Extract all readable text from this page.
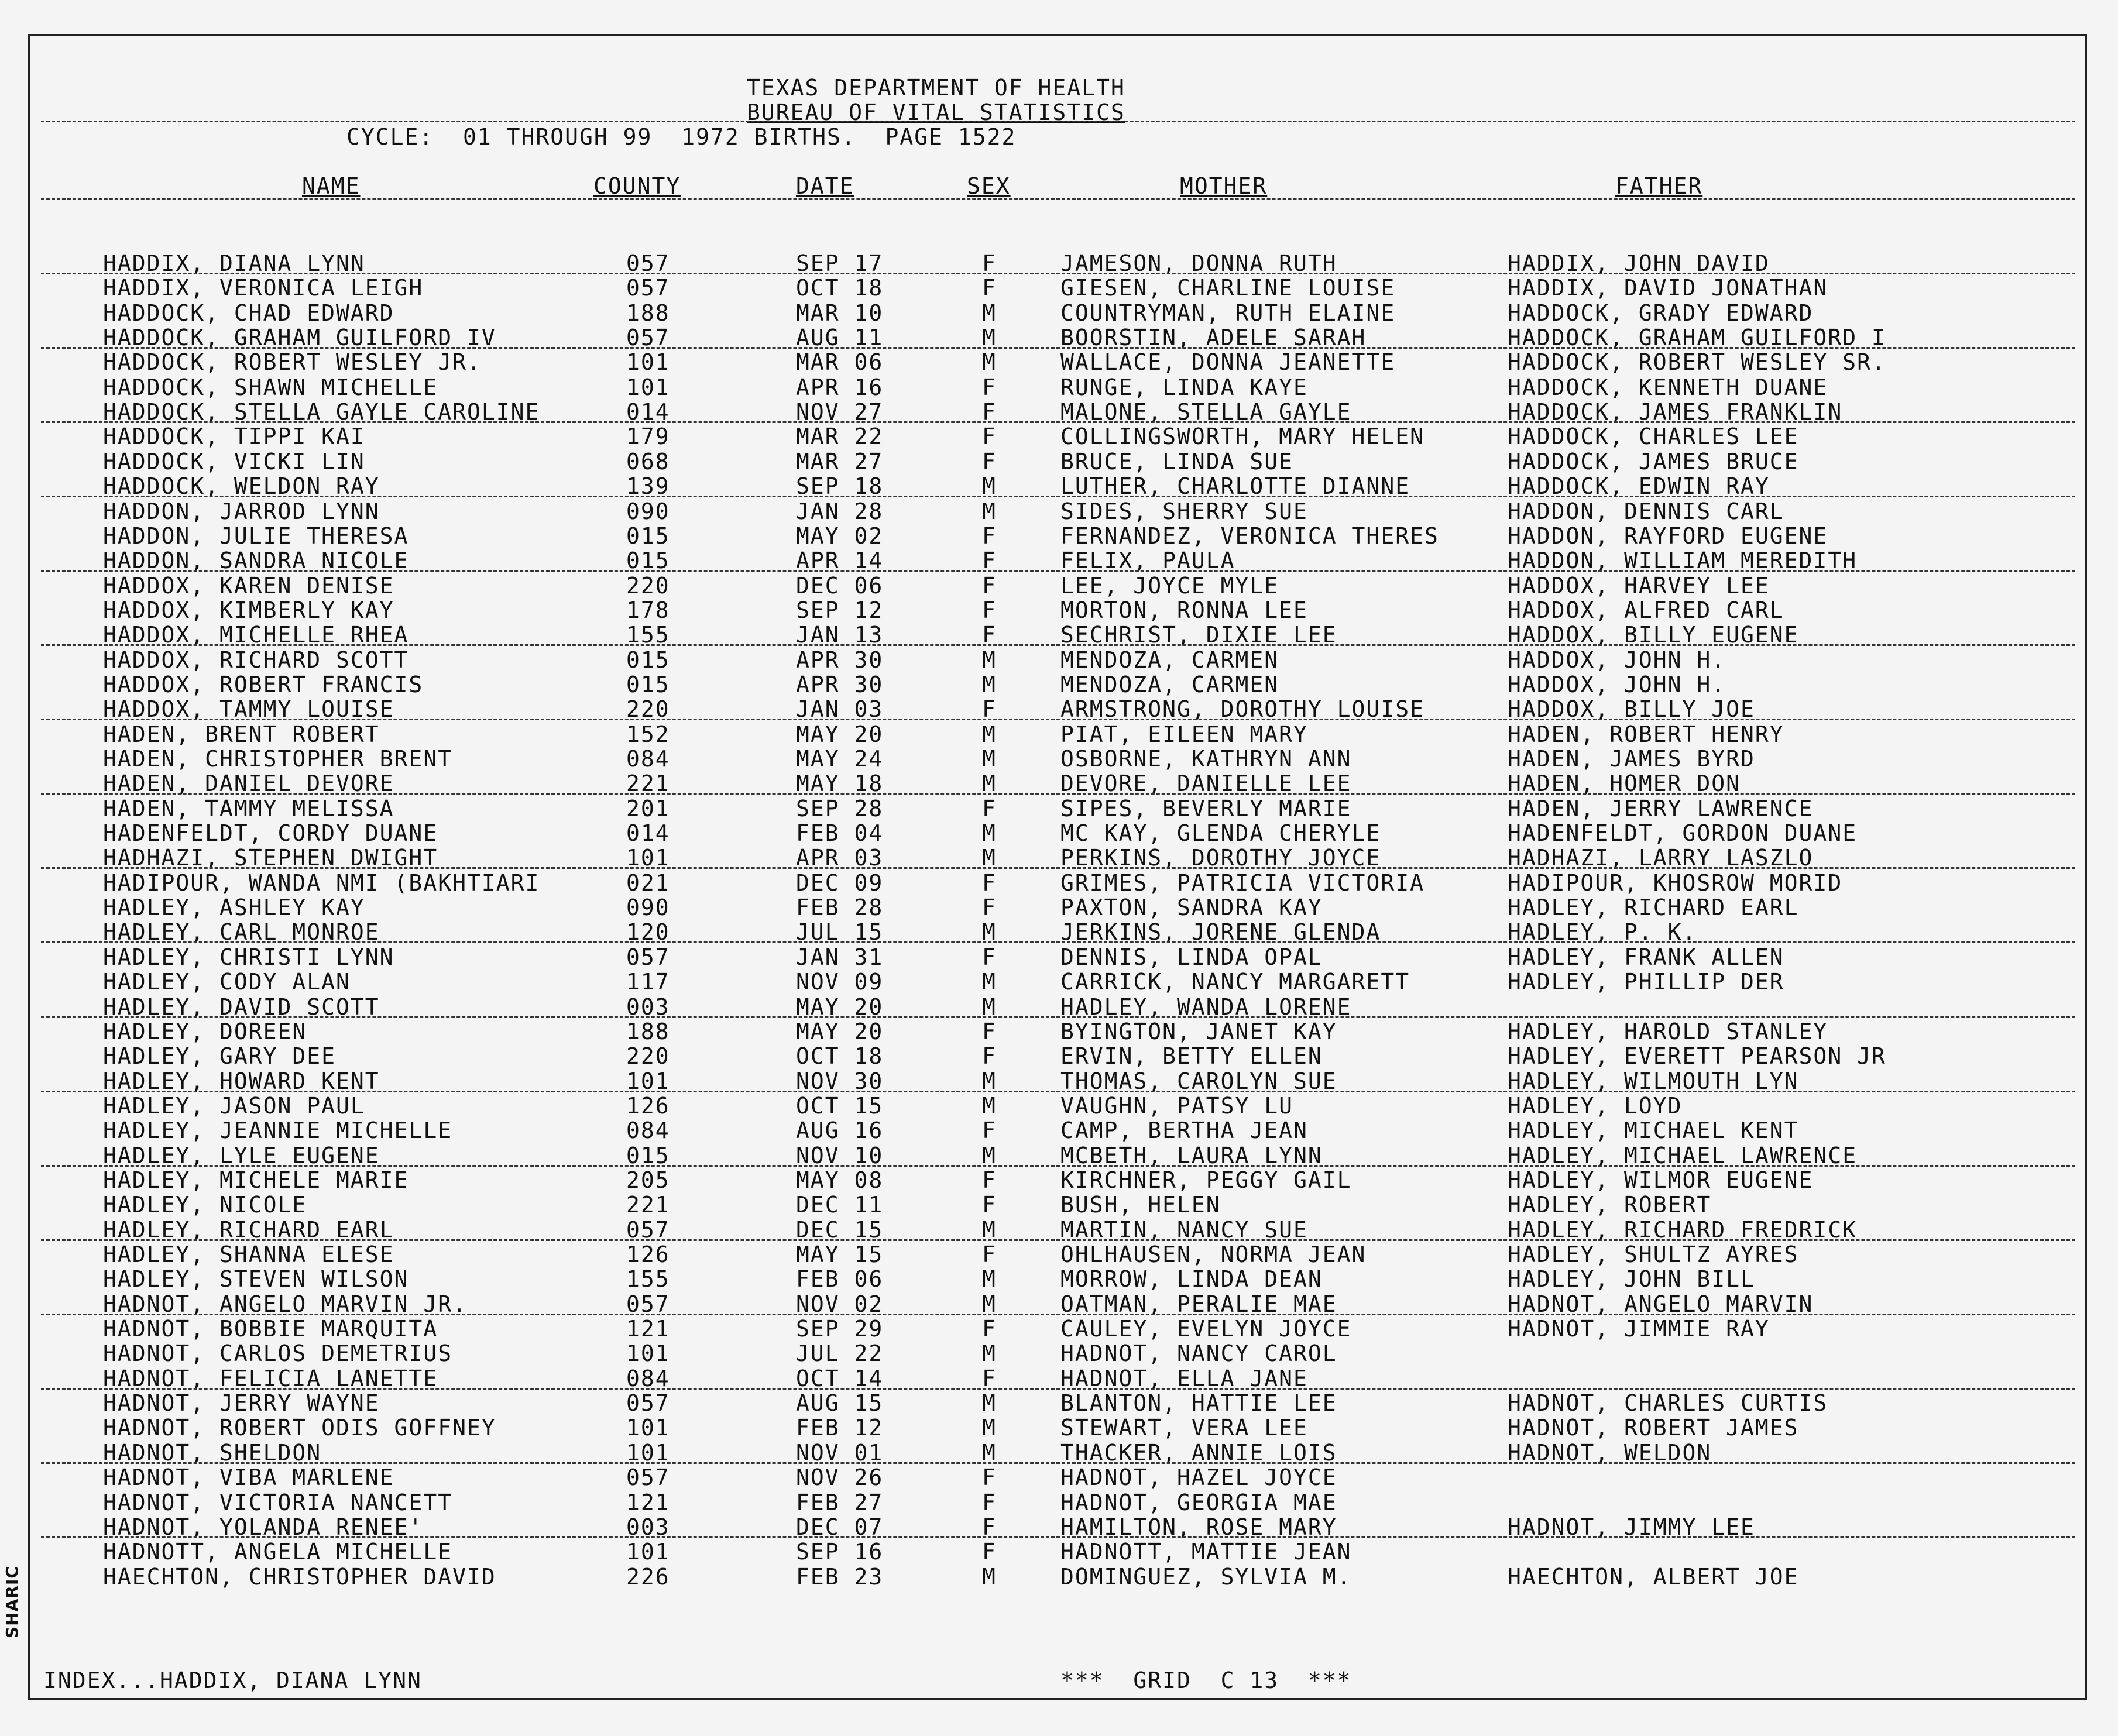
SHARIC
TEXAS DEPARTMENT OF HEALTH
BUREAU OF VITAL STATISTICS
CYCLE:  01 THROUGH 99  1972 BIRTHS.  PAGE 1522
NAME	COUNTY	DATE	SEX	MOTHER	FATHER
HADDIX, DIANA LYNN	057	SEP 17	F	JAMESON, DONNA RUTH	HADDIX, JOHN DAVID
HADDIX, VERONICA LEIGH	057	OCT 18	F	GIESEN, CHARLINE LOUISE	HADDIX, DAVID JONATHAN
HADDOCK, CHAD EDWARD	188	MAR 10	M	COUNTRYMAN, RUTH ELAINE	HADDOCK, GRADY EDWARD
HADDOCK, GRAHAM GUILFORD IV	057	AUG 11	M	BOORSTIN, ADELE SARAH	HADDOCK, GRAHAM GUILFORD I
HADDOCK, ROBERT WESLEY JR.	101	MAR 06	M	WALLACE, DONNA JEANETTE	HADDOCK, ROBERT WESLEY SR.
HADDOCK, SHAWN MICHELLE	101	APR 16	F	RUNGE, LINDA KAYE	HADDOCK, KENNETH DUANE
HADDOCK, STELLA GAYLE CAROLINE	014	NOV 27	F	MALONE, STELLA GAYLE	HADDOCK, JAMES FRANKLIN
HADDOCK, TIPPI KAI	179	MAR 22	F	COLLINGSWORTH, MARY HELEN	HADDOCK, CHARLES LEE
HADDOCK, VICKI LIN	068	MAR 27	F	BRUCE, LINDA SUE	HADDOCK, JAMES BRUCE
HADDOCK, WELDON RAY	139	SEP 18	M	LUTHER, CHARLOTTE DIANNE	HADDOCK, EDWIN RAY
HADDON, JARROD LYNN	090	JAN 28	M	SIDES, SHERRY SUE	HADDON, DENNIS CARL
HADDON, JULIE THERESA	015	MAY 02	F	FERNANDEZ, VERONICA THERES	HADDON, RAYFORD EUGENE
HADDON, SANDRA NICOLE	015	APR 14	F	FELIX, PAULA	HADDON, WILLIAM MEREDITH
HADDOX, KAREN DENISE	220	DEC 06	F	LEE, JOYCE MYLE	HADDOX, HARVEY LEE
HADDOX, KIMBERLY KAY	178	SEP 12	F	MORTON, RONNA LEE	HADDOX, ALFRED CARL
HADDOX, MICHELLE RHEA	155	JAN 13	F	SECHRIST, DIXIE LEE	HADDOX, BILLY EUGENE
HADDOX, RICHARD SCOTT	015	APR 30	M	MENDOZA, CARMEN	HADDOX, JOHN H.
HADDOX, ROBERT FRANCIS	015	APR 30	M	MENDOZA, CARMEN	HADDOX, JOHN H.
HADDOX, TAMMY LOUISE	220	JAN 03	F	ARMSTRONG, DOROTHY LOUISE	HADDOX, BILLY JOE
HADEN, BRENT ROBERT	152	MAY 20	M	PIAT, EILEEN MARY	HADEN, ROBERT HENRY
HADEN, CHRISTOPHER BRENT	084	MAY 24	M	OSBORNE, KATHRYN ANN	HADEN, JAMES BYRD
HADEN, DANIEL DEVORE	221	MAY 18	M	DEVORE, DANIELLE LEE	HADEN, HOMER DON
HADEN, TAMMY MELISSA	201	SEP 28	F	SIPES, BEVERLY MARIE	HADEN, JERRY LAWRENCE
HADENFELDT, CORDY DUANE	014	FEB 04	M	MC KAY, GLENDA CHERYLE	HADENFELDT, GORDON DUANE
HADHAZI, STEPHEN DWIGHT	101	APR 03	M	PERKINS, DOROTHY JOYCE	HADHAZI, LARRY LASZLO
HADIPOUR, WANDA NMI (BAKHTIARI	021	DEC 09	F	GRIMES, PATRICIA VICTORIA	HADIPOUR, KHOSROW MORID
HADLEY, ASHLEY KAY	090	FEB 28	F	PAXTON, SANDRA KAY	HADLEY, RICHARD EARL
HADLEY, CARL MONROE	120	JUL 15	M	JERKINS, JORENE GLENDA	HADLEY, P. K.
HADLEY, CHRISTI LYNN	057	JAN 31	F	DENNIS, LINDA OPAL	HADLEY, FRANK ALLEN
HADLEY, CODY ALAN	117	NOV 09	M	CARRICK, NANCY MARGARETT	HADLEY, PHILLIP DER
HADLEY, DAVID SCOTT	003	MAY 20	M	HADLEY, WANDA LORENE
HADLEY, DOREEN	188	MAY 20	F	BYINGTON, JANET KAY	HADLEY, HAROLD STANLEY
HADLEY, GARY DEE	220	OCT 18	F	ERVIN, BETTY ELLEN	HADLEY, EVERETT PEARSON JR
HADLEY, HOWARD KENT	101	NOV 30	M	THOMAS, CAROLYN SUE	HADLEY, WILMOUTH LYN
HADLEY, JASON PAUL	126	OCT 15	M	VAUGHN, PATSY LU	HADLEY, LOYD
HADLEY, JEANNIE MICHELLE	084	AUG 16	F	CAMP, BERTHA JEAN	HADLEY, MICHAEL KENT
HADLEY, LYLE EUGENE	015	NOV 10	M	MCBETH, LAURA LYNN	HADLEY, MICHAEL LAWRENCE
HADLEY, MICHELE MARIE	205	MAY 08	F	KIRCHNER, PEGGY GAIL	HADLEY, WILMOR EUGENE
HADLEY, NICOLE	221	DEC 11	F	BUSH, HELEN	HADLEY, ROBERT
HADLEY, RICHARD EARL	057	DEC 15	M	MARTIN, NANCY SUE	HADLEY, RICHARD FREDRICK
HADLEY, SHANNA ELESE	126	MAY 15	F	OHLHAUSEN, NORMA JEAN	HADLEY, SHULTZ AYRES
HADLEY, STEVEN WILSON	155	FEB 06	M	MORROW, LINDA DEAN	HADLEY, JOHN BILL
HADNOT, ANGELO MARVIN JR.	057	NOV 02	M	OATMAN, PERALIE MAE	HADNOT, ANGELO MARVIN
HADNOT, BOBBIE MARQUITA	121	SEP 29	F	CAULEY, EVELYN JOYCE	HADNOT, JIMMIE RAY
HADNOT, CARLOS DEMETRIUS	101	JUL 22	M	HADNOT, NANCY CAROL
HADNOT, FELICIA LANETTE	084	OCT 14	F	HADNOT, ELLA JANE
HADNOT, JERRY WAYNE	057	AUG 15	M	BLANTON, HATTIE LEE	HADNOT, CHARLES CURTIS
HADNOT, ROBERT ODIS GOFFNEY	101	FEB 12	M	STEWART, VERA LEE	HADNOT, ROBERT JAMES
HADNOT, SHELDON	101	NOV 01	M	THACKER, ANNIE LOIS	HADNOT, WELDON
HADNOT, VIBA MARLENE	057	NOV 26	F	HADNOT, HAZEL JOYCE
HADNOT, VICTORIA NANCETT	121	FEB 27	F	HADNOT, GEORGIA MAE
HADNOT, YOLANDA RENEE'	003	DEC 07	F	HAMILTON, ROSE MARY	HADNOT, JIMMY LEE
HADNOTT, ANGELA MICHELLE	101	SEP 16	F	HADNOTT, MATTIE JEAN
HAECHTON, CHRISTOPHER DAVID	226	FEB 23	M	DOMINGUEZ, SYLVIA M.	HAECHTON, ALBERT JOE
INDEX...HADDIX, DIANA LYNN	***  GRID  C 13  ***
